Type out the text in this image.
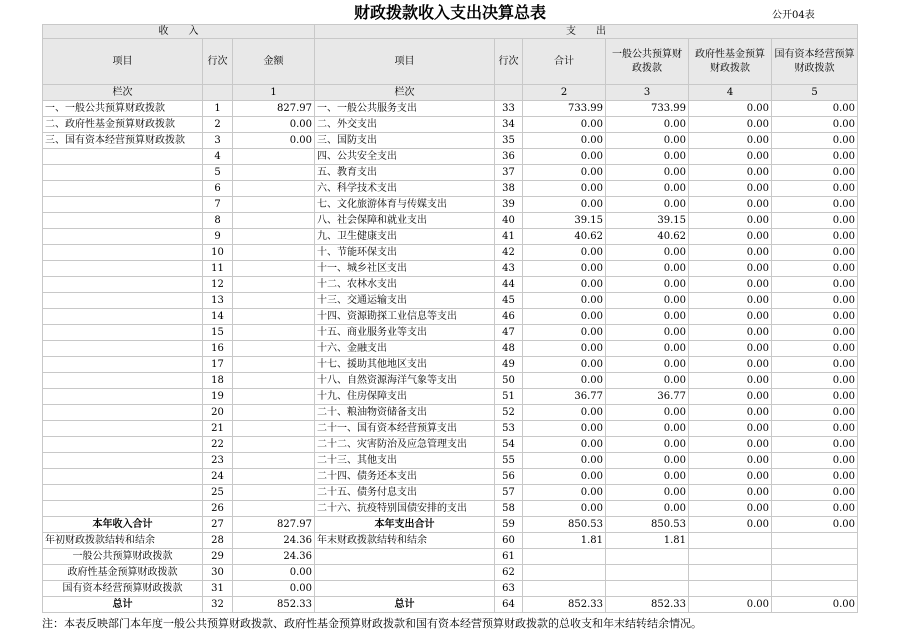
财政拨款收入支出决算总表	公开04表
收　　入			支　　出					
项目	行次	金额	项目	行次	合计	一般公共预算财政拨款	政府性基金预算财政拨款	国有资本经营预算财政拨款
栏次		1	栏次		2	3	4	5
一、一般公共预算财政拨款	1	827.97	一、一般公共服务支出	33	733.99	733.99	0.00	0.00
二、政府性基金预算财政拨款	2	0.00	二、外交支出	34	0.00	0.00	0.00	0.00
三、国有资本经营预算财政拨款	3	0.00	三、国防支出	35	0.00	0.00	0.00	0.00
	4		四、公共安全支出	36	0.00	0.00	0.00	0.00
	5		五、教育支出	37	0.00	0.00	0.00	0.00
	6		六、科学技术支出	38	0.00	0.00	0.00	0.00
	7		七、文化旅游体育与传媒支出	39	0.00	0.00	0.00	0.00
	8		八、社会保障和就业支出	40	39.15	39.15	0.00	0.00
	9		九、卫生健康支出	41	40.62	40.62	0.00	0.00
	10		十、节能环保支出	42	0.00	0.00	0.00	0.00
	11		十一、城乡社区支出	43	0.00	0.00	0.00	0.00
	12		十二、农林水支出	44	0.00	0.00	0.00	0.00
	13		十三、交通运输支出	45	0.00	0.00	0.00	0.00
	14		十四、资源勘探工业信息等支出	46	0.00	0.00	0.00	0.00
	15		十五、商业服务业等支出	47	0.00	0.00	0.00	0.00
	16		十六、金融支出	48	0.00	0.00	0.00	0.00
	17		十七、援助其他地区支出	49	0.00	0.00	0.00	0.00
	18		十八、自然资源海洋气象等支出	50	0.00	0.00	0.00	0.00
	19		十九、住房保障支出	51	36.77	36.77	0.00	0.00
	20		二十、粮油物资储备支出	52	0.00	0.00	0.00	0.00
	21		二十一、国有资本经营预算支出	53	0.00	0.00	0.00	0.00
	22		二十二、灾害防治及应急管理支出	54	0.00	0.00	0.00	0.00
	23		二十三、其他支出	55	0.00	0.00	0.00	0.00
	24		二十四、债务还本支出	56	0.00	0.00	0.00	0.00
	25		二十五、债务付息支出	57	0.00	0.00	0.00	0.00
	26		二十六、抗疫特别国债安排的支出	58	0.00	0.00	0.00	0.00
本年收入合计	27	827.97	本年支出合计	59	850.53	850.53	0.00	0.00
年初财政拨款结转和结余	28	24.36	年末财政拨款结转和结余	60	1.81	1.81		
一般公共预算财政拨款	29	24.36		61				
政府性基金预算财政拨款	30	0.00		62				
国有资本经营预算财政拨款	31	0.00		63				
总计	32	852.33	总计	64	852.33	852.33	0.00	0.00
注：本表反映部门本年度一般公共预算财政拨款、政府性基金预算财政拨款和国有资本经营预算财政拨款的总收支和年末结转结余情况。
